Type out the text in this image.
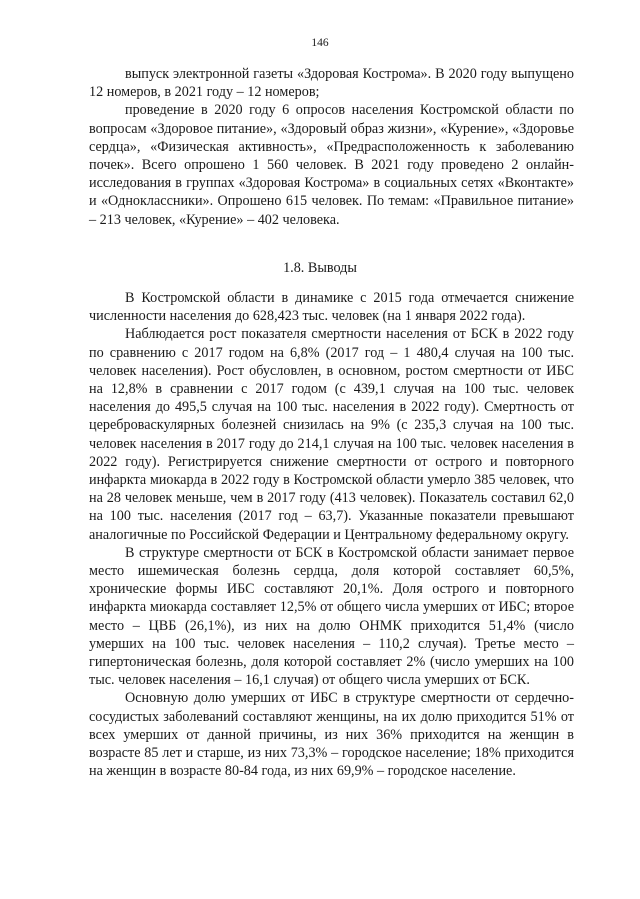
146

выпуск электронной газеты «Здоровая Кострома». В 2020 году выпущено 12 номеров, в 2021 году – 12 номеров;

проведение в 2020 году 6 опросов населения Костромской области по вопросам «Здоровое питание», «Здоровый образ жизни», «Курение», «Здоровье сердца», «Физическая активность», «Предрасположенность к заболеванию почек». Всего опрошено 1 560 человек. В 2021 году проведено 2 онлайн-исследования в группах «Здоровая Кострома» в социальных сетях «Вконтакте» и «Одноклассники». Опрошено 615 человек. По темам: «Правильное питание» – 213 человек, «Курение» – 402 человека.

1.8. Выводы

В Костромской области в динамике с 2015 года отмечается снижение численности населения до 628,423 тыс. человек (на 1 января 2022 года).

Наблюдается рост показателя смертности населения от БСК в 2022 году по сравнению с 2017 годом на 6,8% (2017 год – 1 480,4 случая на 100 тыс. человек населения). Рост обусловлен, в основном, ростом смертности от ИБС на 12,8% в сравнении с 2017 годом (с 439,1 случая на 100 тыс. человек населения до 495,5 случая на 100 тыс. населения в 2022 году). Смертность от цереброваскулярных болезней снизилась на 9% (с 235,3 случая на 100 тыс. человек населения в 2017 году до 214,1 случая на 100 тыс. человек населения в 2022 году). Регистрируется снижение смертности от острого и повторного инфаркта миокарда в 2022 году в Костромской области умерло 385 человек, что на 28 человек меньше, чем в 2017 году (413 человек). Показатель составил 62,0 на 100 тыс. населения (2017 год – 63,7). Указанные показатели превышают аналогичные по Российской Федерации и Центральному федеральному округу.

В структуре смертности от БСК в Костромской области занимает первое место ишемическая болезнь сердца, доля которой составляет 60,5%, хронические формы ИБС составляют 20,1%. Доля острого и повторного инфаркта миокарда составляет 12,5% от общего числа умерших от ИБС; второе место – ЦВБ (26,1%), из них на долю ОНМК приходится 51,4% (число умерших на 100 тыс. человек населения – 110,2 случая). Третье место – гипертоническая болезнь, доля которой составляет 2% (число умерших на 100 тыс. человек населения – 16,1 случая) от общего числа умерших от БСК.

Основную долю умерших от ИБС в структуре смертности от сердечно- сосудистых заболеваний составляют женщины, на их долю приходится 51% от всех умерших от данной причины, из них 36% приходится на женщин в возрасте 85 лет и старше, из них 73,3% – городское население; 18% приходится на женщин в возрасте 80-84 года, из них 69,9% – городское население.
